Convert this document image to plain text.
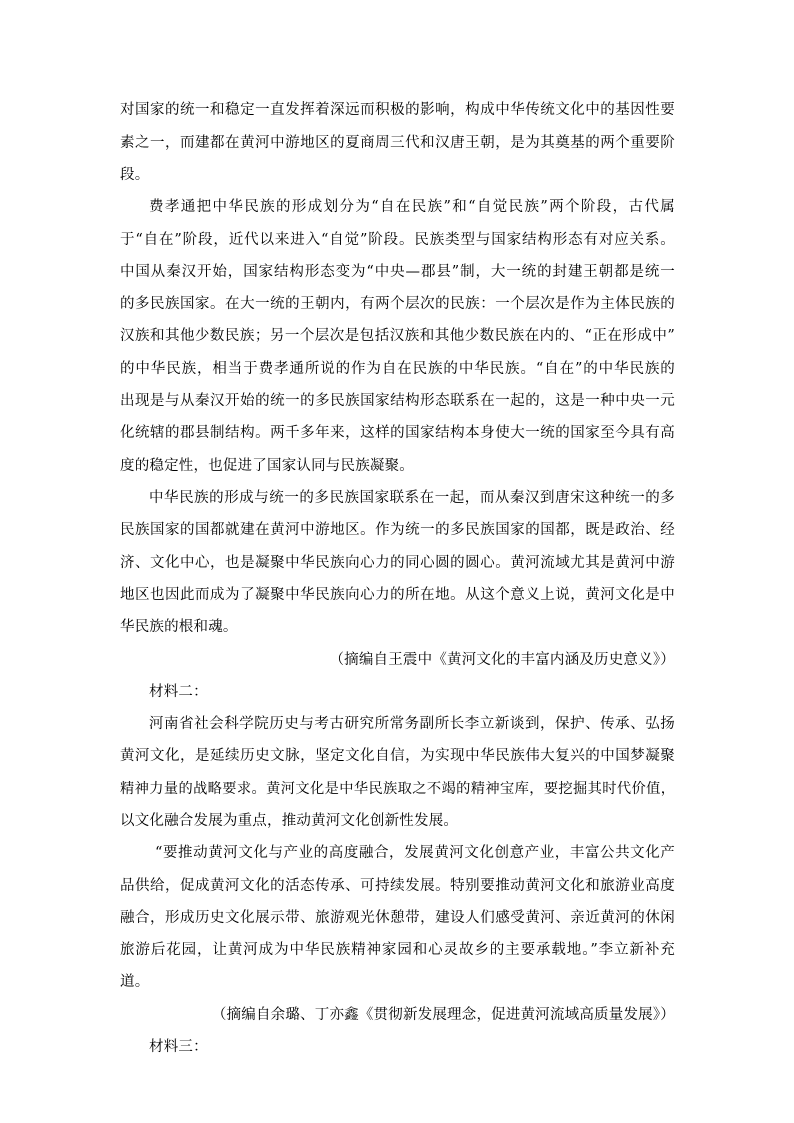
对国家的统一和稳定一直发挥着深远而积极的影响，构成中华传统文化中的基因性要
素之一，而建都在黄河中游地区的夏商周三代和汉唐王朝，是为其奠基的两个重要阶
段。
费孝通把中华民族的形成划分为“自在民族”和“自觉民族”两个阶段，古代属
于“自在”阶段，近代以来进入“自觉”阶段。民族类型与国家结构形态有对应关系。
中国从秦汉开始，国家结构形态变为“中央—郡县”制，大一统的封建王朝都是统一
的多民族国家。在大一统的王朝内，有两个层次的民族：一个层次是作为主体民族的
汉族和其他少数民族；另一个层次是包括汉族和其他少数民族在内的、“正在形成中”
的中华民族，相当于费孝通所说的作为自在民族的中华民族。“自在”的中华民族的
出现是与从秦汉开始的统一的多民族国家结构形态联系在一起的，这是一种中央一元
化统辖的郡县制结构。两千多年来，这样的国家结构本身使大一统的国家至今具有高
度的稳定性，也促进了国家认同与民族凝聚。
中华民族的形成与统一的多民族国家联系在一起，而从秦汉到唐宋这种统一的多
民族国家的国都就建在黄河中游地区。作为统一的多民族国家的国都，既是政治、经
济、文化中心，也是凝聚中华民族向心力的同心圆的圆心。黄河流域尤其是黄河中游
地区也因此而成为了凝聚中华民族向心力的所在地。从这个意义上说，黄河文化是中
华民族的根和魂。
（摘编自王震中《黄河文化的丰富内涵及历史意义》）
材料二：
河南省社会科学院历史与考古研究所常务副所长李立新谈到，保护、传承、弘扬
黄河文化，是延续历史文脉，坚定文化自信，为实现中华民族伟大复兴的中国梦凝聚
精神力量的战略要求。黄河文化是中华民族取之不竭的精神宝库，要挖掘其时代价值，
以文化融合发展为重点，推动黄河文化创新性发展。
“要推动黄河文化与产业的高度融合，发展黄河文化创意产业，丰富公共文化产
品供给，促成黄河文化的活态传承、可持续发展。特别要推动黄河文化和旅游业高度
融合，形成历史文化展示带、旅游观光休憩带，建设人们感受黄河、亲近黄河的休闲
旅游后花园，让黄河成为中华民族精神家园和心灵故乡的主要承载地。”李立新补充
道。
（摘编自余璐、丁亦鑫《贯彻新发展理念，促进黄河流域高质量发展》）
材料三：
